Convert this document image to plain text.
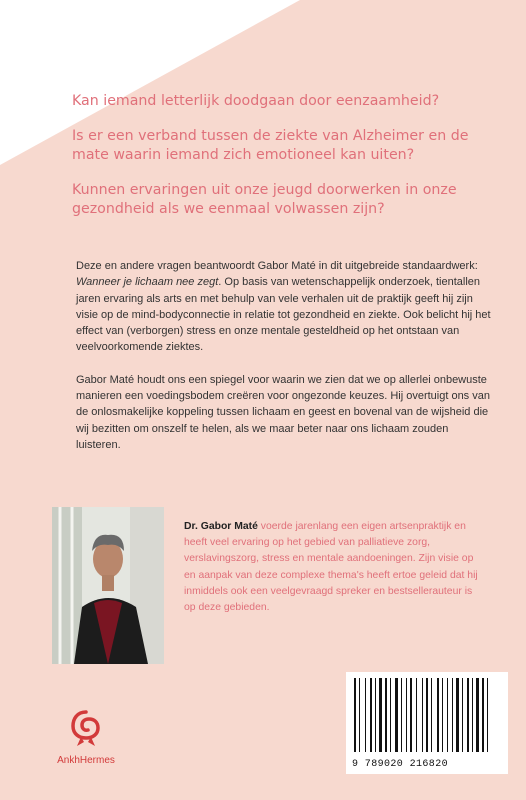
Kan iemand letterlijk doodgaan door eenzaamheid?

Is er een verband tussen de ziekte van Alzheimer en de mate waarin iemand zich emotioneel kan uiten?

Kunnen ervaringen uit onze jeugd doorwerken in onze gezondheid als we eenmaal volwassen zijn?

Deze en andere vragen beantwoordt Gabor Maté in dit uitgebreide standaardwerk: Wanneer je lichaam nee zegt. Op basis van wetenschappelijk onderzoek, tientallen jaren ervaring als arts en met behulp van vele verhalen uit de praktijk geeft hij zijn visie op de mind-bodyconnectie in relatie tot gezondheid en ziekte. Ook belicht hij het effect van (verborgen) stress en onze mentale gesteldheid op het ontstaan van veelvoorkomende ziektes.

Gabor Maté houdt ons een spiegel voor waarin we zien dat we op allerlei onbewuste manieren een voedingsbodem creëren voor ongezonde keuzes. Hij overtuigt ons van de onlosmakelijke koppeling tussen lichaam en geest en bovenal van de wijsheid die wij bezitten om onszelf te helen, als we maar beter naar ons lichaam zouden luisteren.

Dr. Gabor Maté voerde jarenlang een eigen artsenpraktijk en heeft veel ervaring op het gebied van palliatieve zorg, verslavingszorg, stress en mentale aandoeningen. Zijn visie op en aanpak van deze complexe thema's heeft ertoe geleid dat hij inmiddels ook een veelgevraagd spreker en bestsellerauteur is op deze gebieden.
AnkhHermes	9 789020 216820
